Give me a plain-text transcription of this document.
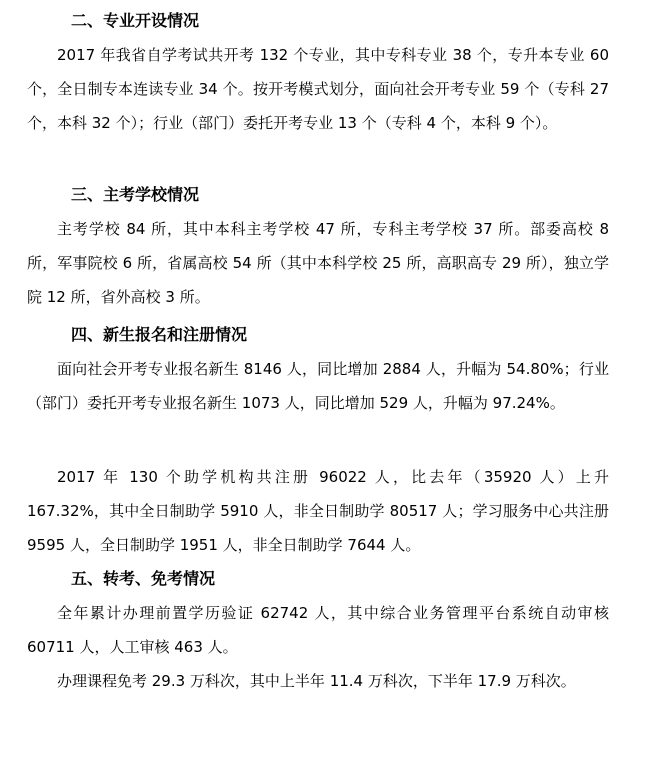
二、专业开设情况

2017 年我省自学考试共开考 132 个专业，其中专科专业 38 个，专升本专业 60 个，全日制专本连读专业 34 个。按开考模式划分，面向社会开考专业 59 个（专科 27 个，本科 32 个）；行业（部门）委托开考专业 13 个（专科 4 个，本科 9 个）。

三、主考学校情况

主考学校 84 所，其中本科主考学校 47 所，专科主考学校 37 所。部委高校 8 所，军事院校 6 所，省属高校 54 所（其中本科学校 25 所，高职高专 29 所），独立学院 12 所，省外高校 3 所。

四、新生报名和注册情况

面向社会开考专业报名新生 8146 人，同比增加 2884 人，升幅为 54.80%；行业（部门）委托开考专业报名新生 1073 人，同比增加 529 人，升幅为 97.24%。

2017 年 130 个助学机构共注册 96022 人，比去年（35920 人）上升 167.32%，其中全日制助学 5910 人，非全日制助学 80517 人；学习服务中心共注册 9595 人，全日制助学 1951 人，非全日制助学 7644 人。

五、转考、免考情况

全年累计办理前置学历验证 62742 人，其中综合业务管理平台系统自动审核 60711 人，人工审核 463 人。

办理课程免考 29.3 万科次，其中上半年 11.4 万科次，下半年 17.9 万科次。
